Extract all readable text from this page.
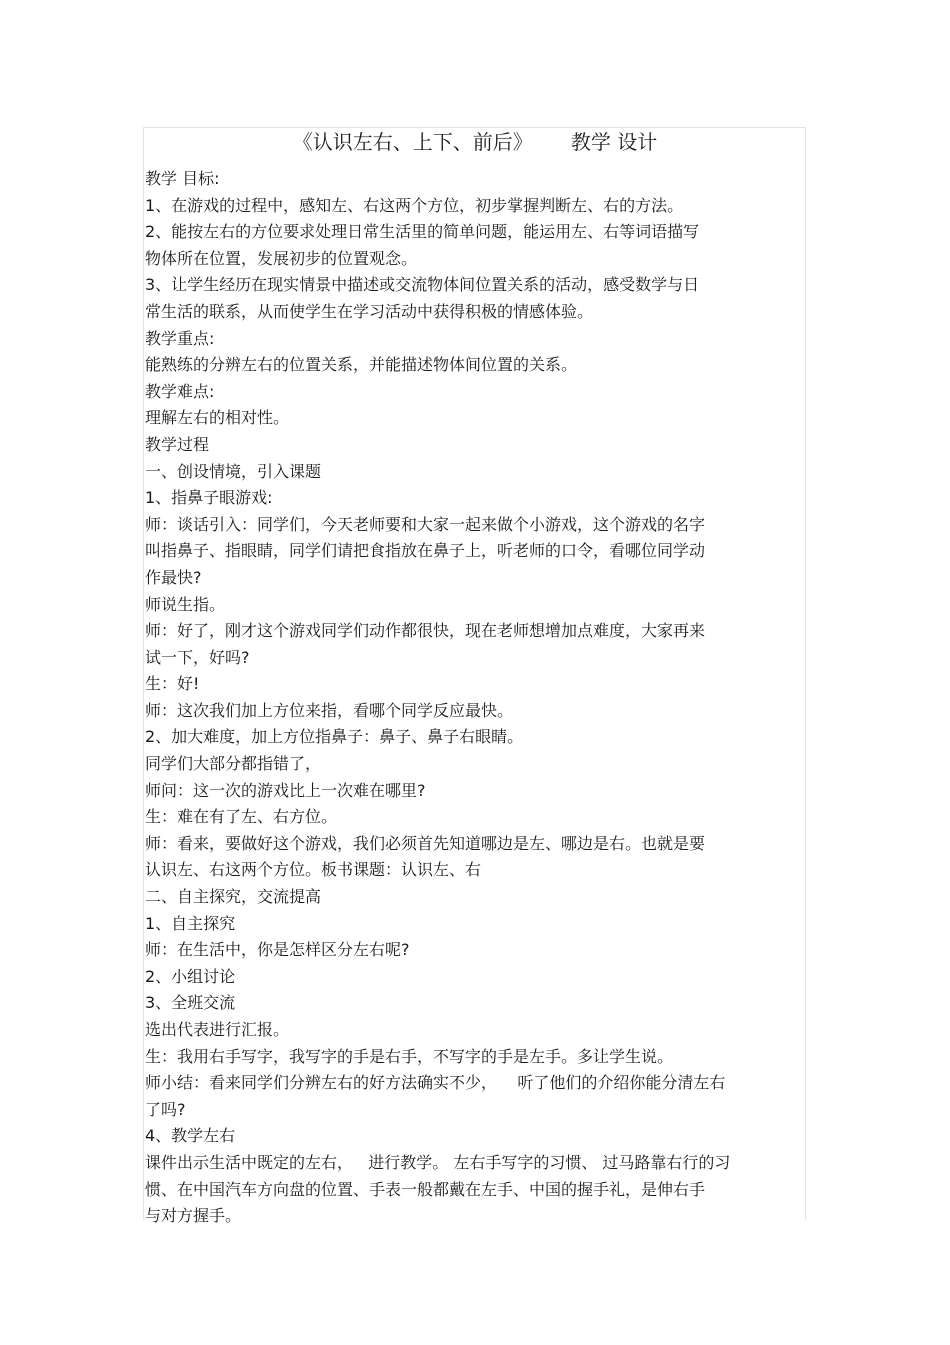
《认识左右、上下、前后》      教学 设计
教学 目标:
1、在游戏的过程中，感知左、右这两个方位，初步掌握判断左、右的方法。
2、能按左右的方位要求处理日常生活里的简单问题，能运用左、右等词语描写
物体所在位置，发展初步的位置观念。
3、让学生经历在现实情景中描述或交流物体间位置关系的活动，感受数学与日
常生活的联系，从而使学生在学习活动中获得积极的情感体验。
教学重点:
能熟练的分辨左右的位置关系，并能描述物体间位置的关系。
教学难点:
理解左右的相对性。
教学过程
一、创设情境，引入课题
1、指鼻子眼游戏:
师：谈话引入：同学们，今天老师要和大家一起来做个小游戏，这个游戏的名字
叫指鼻子、指眼睛，同学们请把食指放在鼻子上，听老师的口令，看哪位同学动
作最快?
师说生指。
师：好了，刚才这个游戏同学们动作都很快，现在老师想增加点难度，大家再来
试一下，好吗?
生：好!
师：这次我们加上方位来指，看哪个同学反应最快。
2、加大难度，加上方位指鼻子：鼻子、鼻子右眼睛。
同学们大部分都指错了，
师问：这一次的游戏比上一次难在哪里?
生：难在有了左、右方位。
师：看来，要做好这个游戏，我们必须首先知道哪边是左、哪边是右。也就是要
认识左、右这两个方位。板书课题：认识左、右
二、自主探究，交流提高
1、自主探究
师：在生活中，你是怎样区分左右呢?
2、小组讨论
3、全班交流
选出代表进行汇报。
生：我用右手写字，我写字的手是右手，不写字的手是左手。多让学生说。
师小结：看来同学们分辨左右的好方法确实不少，    听了他们的介绍你能分清左右
了吗?
4、教学左右
课件出示生活中既定的左右，   进行教学。 左右手写字的习惯、 过马路靠右行的习
惯、在中国汽车方向盘的位置、手表一般都戴在左手、中国的握手礼，是伸右手
与对方握手。
